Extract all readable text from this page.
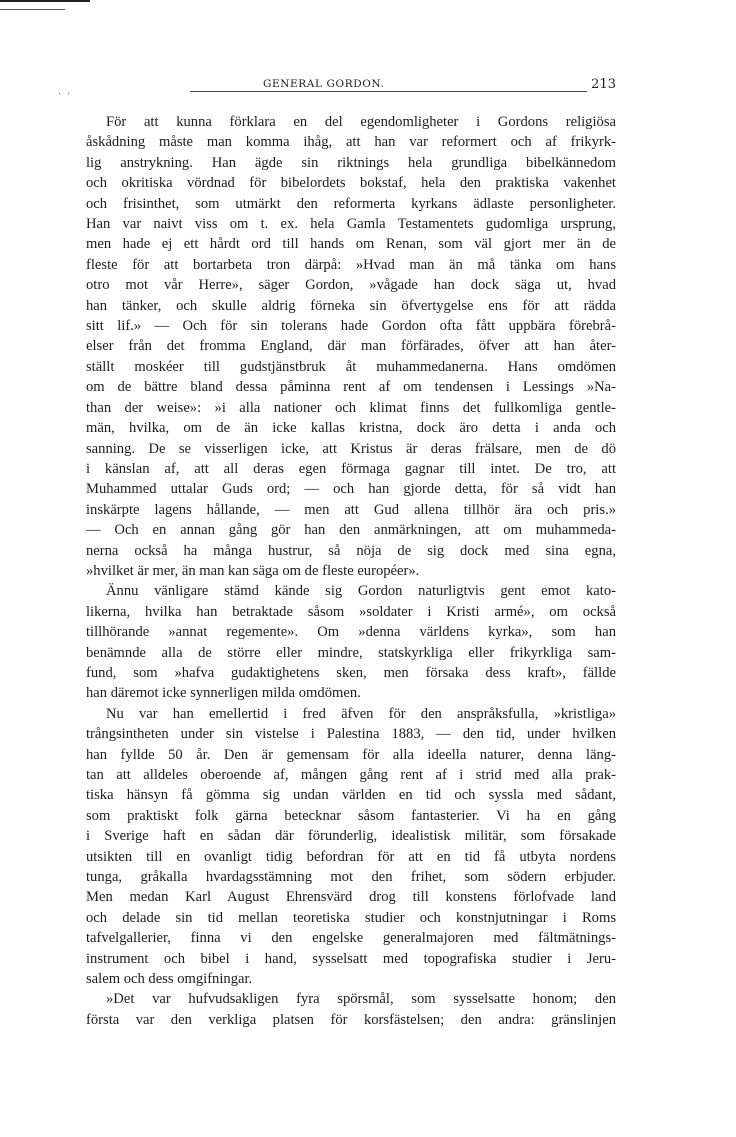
..
GENERAL GORDON.	213
För att kunna förklara en del egendomligheter i Gordons religiösa
åskådning måste man komma ihåg, att han var reformert och af frikyrk-
lig anstrykning. Han ägde sin riktnings hela grundliga bibelkännedom
och okritiska vördnad för bibelordets bokstaf, hela den praktiska vakenhet
och frisinthet, som utmärkt den reformerta kyrkans ädlaste personligheter.
Han var naivt viss om t. ex. hela Gamla Testamentets gudomliga ursprung,
men hade ej ett hårdt ord till hands om Renan, som väl gjort mer än de
fleste för att bortarbeta tron därpå: »Hvad man än må tänka om hans
otro mot vår Herre», säger Gordon, »vågade han dock säga ut, hvad
han tänker, och skulle aldrig förneka sin öfvertygelse ens för att rädda
sitt lif.» — Och för sin tolerans hade Gordon ofta fått uppbära förebrå-
elser från det fromma England, där man förfärades, öfver att han åter-
ställt moskéer till gudstjänstbruk åt muhammedanerna. Hans omdömen
om de bättre bland dessa påminna rent af om tendensen i Lessings »Na-
than der weise»: »i alla nationer och klimat finns det fullkomliga gentle-
män, hvilka, om de än icke kallas kristna, dock äro detta i anda och
sanning. De se visserligen icke, att Kristus är deras frälsare, men de dö
i känslan af, att all deras egen förmaga gagnar till intet. De tro, att
Muhammed uttalar Guds ord; — och han gjorde detta, för så vidt han
inskärpte lagens hållande, — men att Gud allena tillhör ära och pris.»
— Och en annan gång gör han den anmärkningen, att om muhammeda-
nerna också ha många hustrur, så nöja de sig dock med sina egna,
»hvilket är mer, än man kan säga om de fleste européer».
Ännu vänligare stämd kände sig Gordon naturligtvis gent emot kato-
likerna, hvilka han betraktade såsom »soldater i Kristi armé», om också
tillhörande »annat regemente». Om »denna världens kyrka», som han
benämnde alla de större eller mindre, statskyrkliga eller frikyrkliga sam-
fund, som »hafva gudaktighetens sken, men försaka dess kraft», fällde
han däremot icke synnerligen milda omdömen.
Nu var han emellertid i fred äfven för den anspråksfulla, »kristliga»
trångsintheten under sin vistelse i Palestina 1883, — den tid, under hvilken
han fyllde 50 år. Den är gemensam för alla ideella naturer, denna läng-
tan att alldeles oberoende af, mången gång rent af i strid med alla prak-
tiska hänsyn få gömma sig undan världen en tid och syssla med sådant,
som praktiskt folk gärna betecknar såsom fantasterier. Vi ha en gång
i Sverige haft en sådan där förunderlig, idealistisk militär, som försakade
utsikten till en ovanligt tidig befordran för att en tid få utbyta nordens
tunga, gråkalla hvardagsstämning mot den frihet, som södern erbjuder.
Men medan Karl August Ehrensvärd drog till konstens förlofvade land
och delade sin tid mellan teoretiska studier och konstnjutningar i Roms
tafvelgallerier, finna vi den engelske generalmajoren med fältmätnings-
instrument och bibel i hand, sysselsatt med topografiska studier i Jeru-
salem och dess omgifningar.
»Det var hufvudsakligen fyra spörsmål, som sysselsatte honom; den
första var den verkliga platsen för korsfästelsen; den andra: gränslinjen
